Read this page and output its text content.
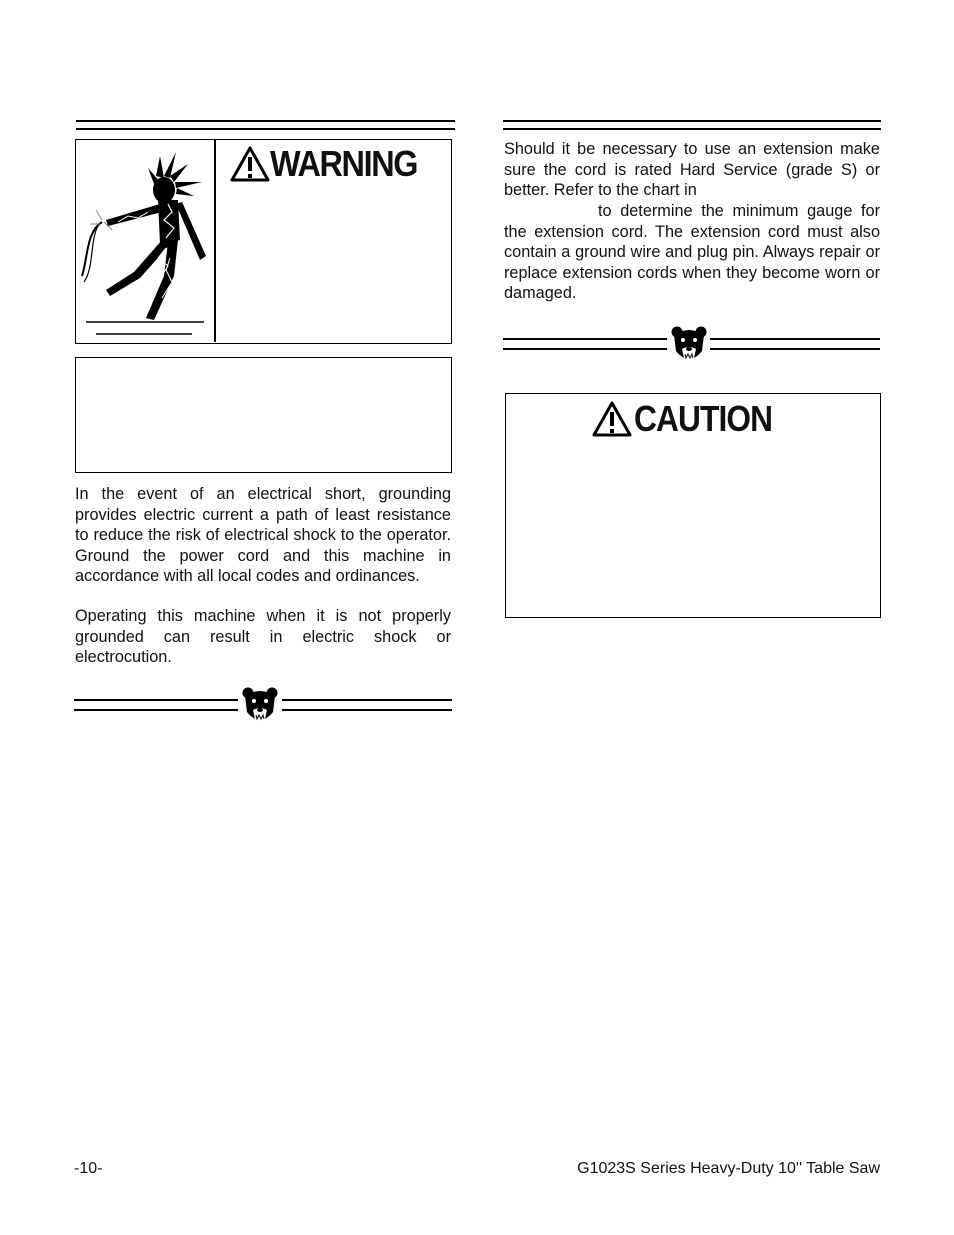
WARNING

In the event of an electrical short, grounding provides electric current a path of least resistance to reduce the risk of electrical shock to the operator. Ground the power cord and this machine in accordance with all local codes and ordinances.

Operating this machine when it is not properly grounded can result in electric shock or electrocution.

Should it be necessary to use an extension make sure the cord is rated Hard Service (grade S) or better. Refer to the chart in

to determine the minimum gauge for the extension cord. The extension cord must also contain a ground wire and plug pin. Always repair or replace extension cords when they become worn or damaged.

CAUTION
-10-	G1023S Series Heavy-Duty 10'' Table Saw
